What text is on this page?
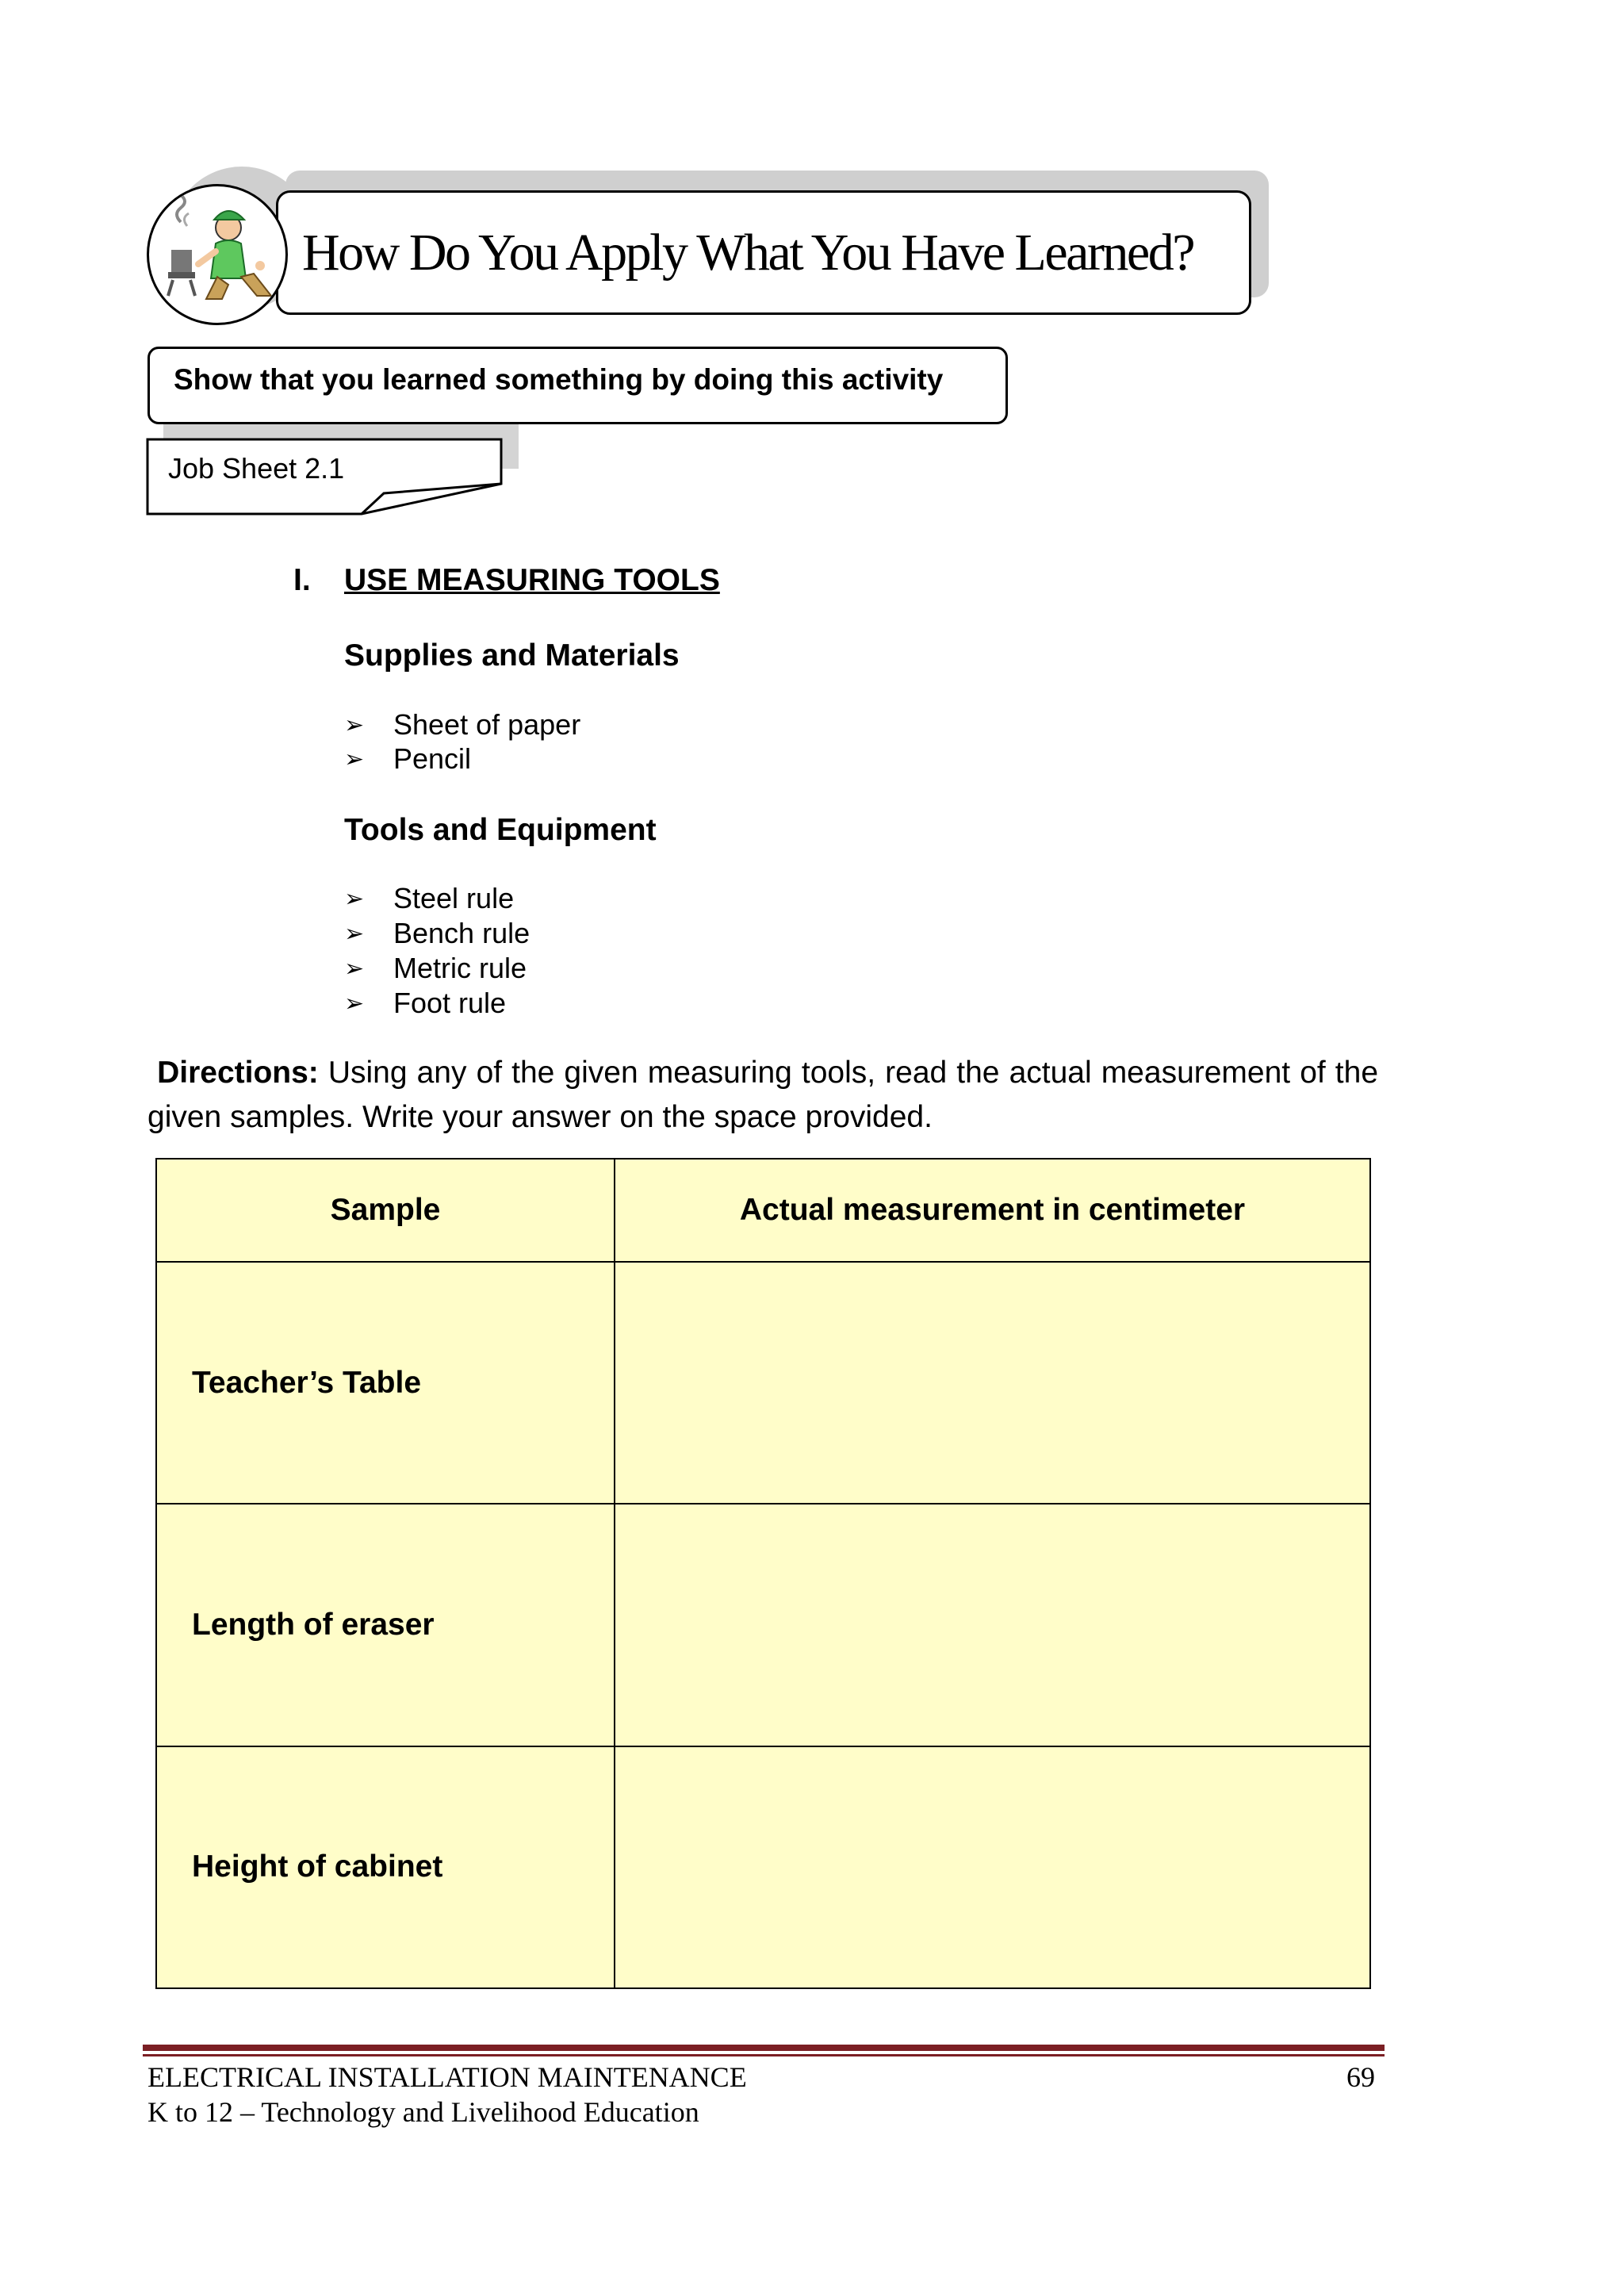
How Do You Apply What You Have Learned?
Show that you learned something by doing this activity
Job Sheet 2.1
I. USE MEASURING TOOLS
Supplies and Materials
➢	Sheet of paper
➢	Pencil
Tools and Equipment
➢	Steel rule
➢	Bench rule
➢	Metric rule
➢	Foot rule
Directions: Using any of the given measuring tools, read the actual measurement of the given samples. Write your answer on the space provided.
Sample	Actual measurement in centimeter
Teacher’s Table	
Length of eraser	
Height of cabinet	
ELECTRICAL INSTALLATION MAINTENANCE	69
K to 12 – Technology and Livelihood Education
